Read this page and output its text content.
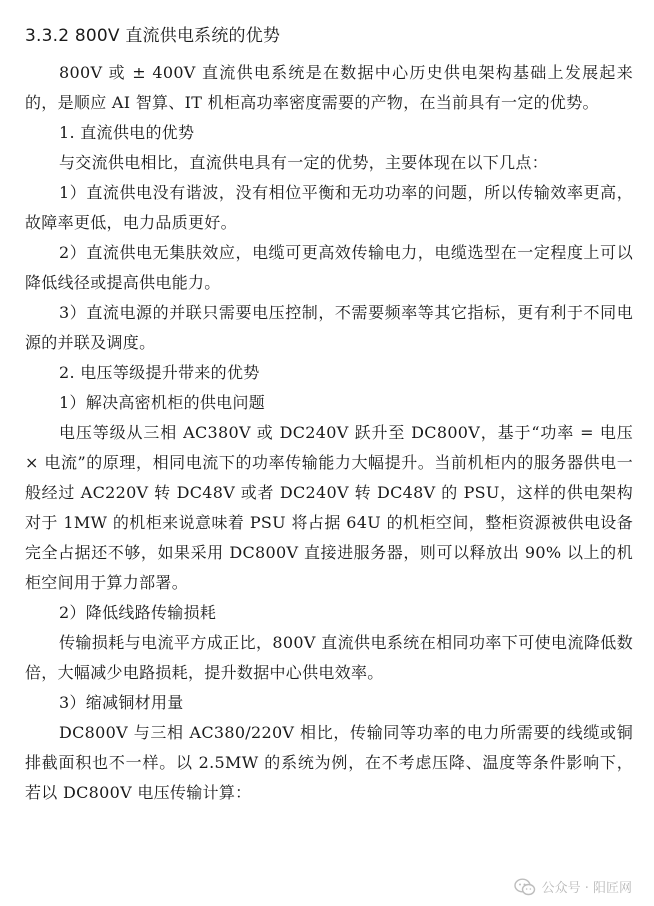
3.3.2 800V 直流供电系统的优势

800V 或 ± 400V 直流供电系统是在数据中心历史供电架构基础上发展起来的，是顺应 AI 智算、IT 机柜高功率密度需要的产物，在当前具有一定的优势。

1. 直流供电的优势

与交流供电相比，直流供电具有一定的优势，主要体现在以下几点：

1）直流供电没有谐波，没有相位平衡和无功功率的问题，所以传输效率更高，故障率更低，电力品质更好。

2）直流供电无集肤效应，电缆可更高效传输电力，电缆选型在一定程度上可以降低线径或提高供电能力。

3）直流电源的并联只需要电压控制，不需要频率等其它指标，更有利于不同电源的并联及调度。

2. 电压等级提升带来的优势

1）解决高密机柜的供电问题

电压等级从三相 AC380V 或 DC240V 跃升至 DC800V，基于“功率 = 电压 × 电流”的原理，相同电流下的功率传输能力大幅提升。当前机柜内的服务器供电一般经过 AC220V 转 DC48V 或者 DC240V 转 DC48V 的 PSU，这样的供电架构对于 1MW 的机柜来说意味着 PSU 将占据 64U 的机柜空间，整柜资源被供电设备完全占据还不够，如果采用 DC800V 直接进服务器，则可以释放出 90% 以上的机柜空间用于算力部署。

2）降低线路传输损耗

传输损耗与电流平方成正比，800V 直流供电系统在相同功率下可使电流降低数倍，大幅减少电路损耗，提升数据中心供电效率。

3）缩减铜材用量

DC800V 与三相 AC380/220V 相比，传输同等功率的电力所需要的线缆或铜排截面积也不一样。以 2.5MW 的系统为例，在不考虑压降、温度等条件影响下，若以 DC800V 电压传输计算：

公众号 · 阳匠网
